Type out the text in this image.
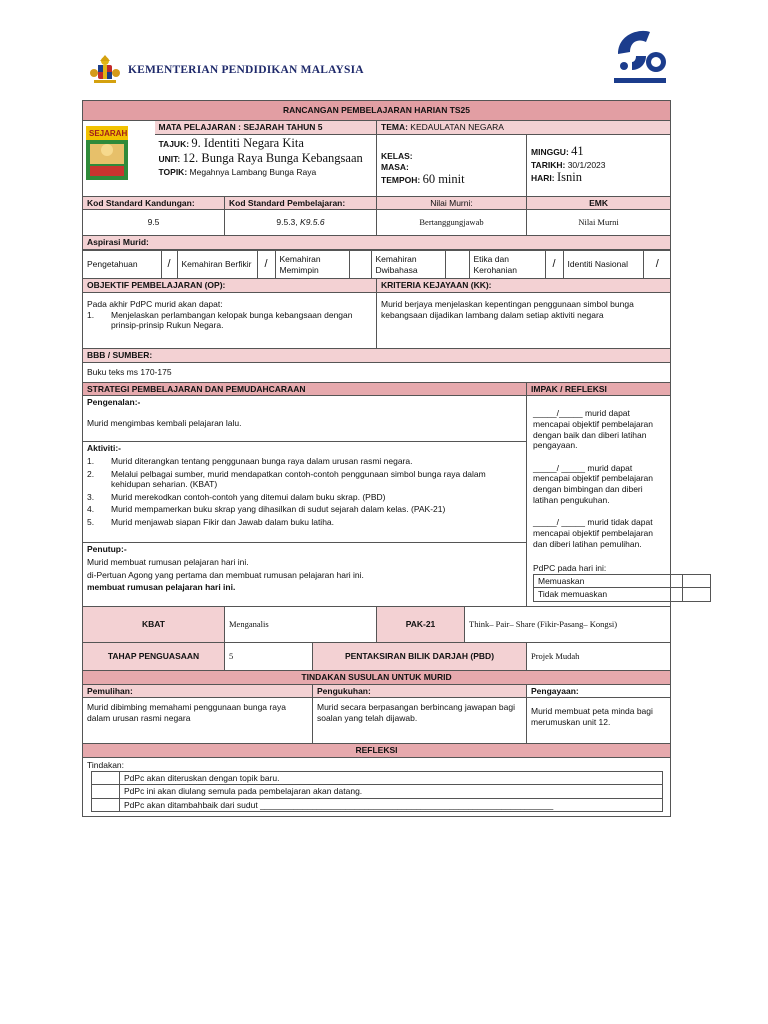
KEMENTERIAN PENDIDIKAN MALAYSIA
RANCANGAN PEMBELAJARAN HARIAN TS25

SEJARAH
	MATA PELAJARAN : SEJARAH TAHUN 5	TEMA: KEDAULATAN NEGARA

TAJUK: 9. Identiti Negara Kita
UNIT: 12. Bunga Raya Bunga Kebangsaan
TOPIK: Megahnya Lambang Bunga Raya

KELAS:
MASA:
TEMPOH: 60 minit

MINGGU: 41
TARIKH: 30/1/2023
HARI: Isnin

Kod Standard Kandungan:	Kod Standard Pembelajaran:	Nilai Murni:	EMK
9.5	9.5.3, K9.5.6	Bertanggungjawab	Nilai Murni
Aspirasi Murid:

Pengetahuan	/	Kemahiran Berfikir	/	Kemahiran Memimpin		Kemahiran Dwibahasa		Etika dan Kerohanian	/	Identiti Nasional	/

OBJEKTIF PEMBELAJARAN (OP):	KRITERIA KEJAYAAN (KK):

Pada akhir PdPC murid akan dapat:
1.	Menjelaskan perlambangan kelopak bunga kebangsaan dengan prinsip-prinsip Rukun Negara.
	Murid berjaya menjelaskan kepentingan penggunaan simbol bunga kebangsaan dijadikan lambang dalam setiap aktiviti negara
BBB / SUMBER:
Buku teks ms 170-175
STRATEGI PEMBELAJARAN DAN PEMUDAHCARAAN	IMPAK / REFLEKSI

Pengenalan:-
Murid mengimbas kembali pelajaran lalu.

_____/_____ murid dapat mencapai objektif pembelajaran dengan baik dan diberi latihan pengayaan.
_____/ _____ murid dapat mencapai objektif pembelajaran dengan bimbingan dan diberi latihan pengukuhan.
_____/ _____ murid tidak dapat mencapai objektif pembelajaran dan diberi latihan pemulihan.
PdPC pada hari ini:
Memuaskan	
Tidak memuaskan	

Aktiviti:-
1.	Murid diterangkan tentang penggunaan bunga raya dalam urusan rasmi negara.
2.	Melalui pelbagai sumber, murid mendapatkan contoh-contoh penggunaan simbol bunga raya dalam kehidupan seharian. (KBAT)
3.	Murid merekodkan contoh-contoh yang ditemui dalam buku skrap. (PBD)
4.	Murid mempamerkan buku skrap yang dihasilkan di sudut sejarah dalam kelas. (PAK-21)
5.	Murid menjawab siapan Fikir dan Jawab dalam buku latiha.

Penutup:-
Murid membuat rumusan pelajaran hari ini.
di-Pertuan Agong yang pertama dan membuat rumusan pelajaran hari ini.
membuat rumusan pelajaran hari ini.

KBAT	Menganalis	PAK-21	Think– Pair– Share (Fikir-Pasang– Kongsi)
TAHAP PENGUASAAN	5	PENTAKSIRAN BILIK DARJAH (PBD)	Projek Mudah
TINDAKAN SUSULAN UNTUK MURID
Pemulihan:	Pengukuhan:	Pengayaan:
Murid dibimbing memahami penggunaan bunga raya dalam urusan rasmi negara	Murid secara berpasangan berbincang jawapan bagi soalan yang telah dijawab.	Murid membuat peta minda bagi merumuskan unit 12.
REFLEKSI

Tindakan:
	PdPc akan diteruskan dengan topik baru.
	PdPc ini akan diulang semula pada pembelajaran akan datang.
	PdPc akan ditambahbaik dari sudut ______________________________________________________________
